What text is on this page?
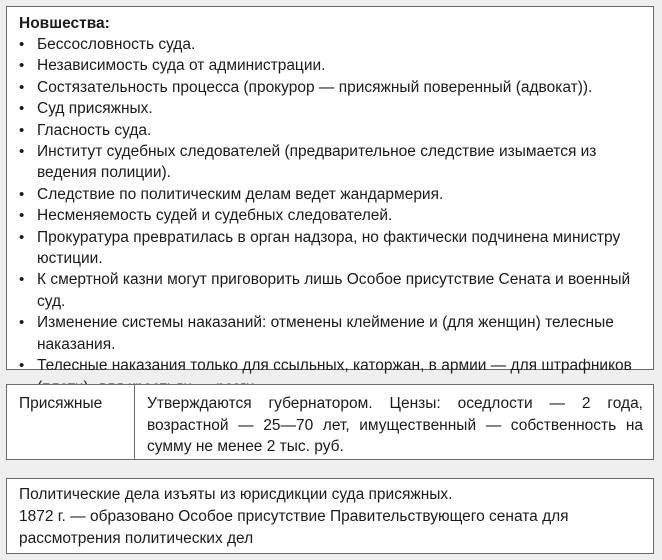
Новшества:
• Бессословность суда.
• Независимость суда от администрации.
• Состязательность процесса (прокурор — присяжный поверенный (адвокат)).
• Суд присяжных.
• Гласность суда.
• Институт судебных следователей (предварительное следствие изымается из ведения полиции).
• Следствие по политическим делам ведет жандармерия.
• Несменяемость судей и судебных следователей.
• Прокуратура превратилась в орган надзора, но фактически подчинена министру юстиции.
• К смертной казни могут приговорить лишь Особое присутствие Сената и военный суд.
• Изменение системы наказаний: отменены клеймение и (для женщин) телесные наказания.
• Телесные наказания только для ссыльных, каторжан, в армии — для штрафников
Присяжные	Утверждаются губернатором. Цензы: оседлости — 2 года, возрастной — 25—70 лет, имущественный — собственность на сумму не менее 2 тыс. руб.
Политические дела изъяты из юрисдикции суда присяжных.
1872 г. — образовано Особое присутствие Правительствующего сената для рассмотрения политических дел
